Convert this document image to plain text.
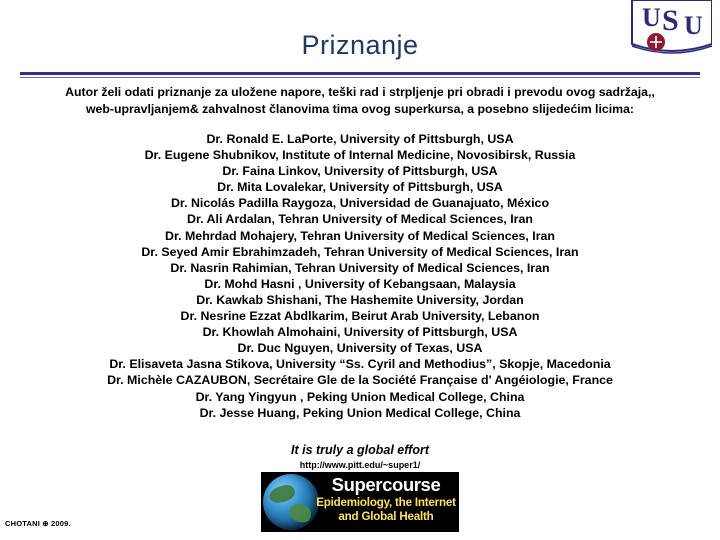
U S U
Priznanje
Autor želi odati priznanje za uložene napore, teški rad i strpljenje pri obradi i prevodu ovog sadržaja,,
web-upravljanjem& zahvalnost članovima tima ovog superkursa, a posebno slijedećim licima:
Dr. Ronald E. LaPorte, University of Pittsburgh, USA
Dr. Eugene Shubnikov, Institute of Internal Medicine, Novosibirsk, Russia
Dr. Faina Linkov, University of Pittsburgh, USA
Dr. Mita Lovalekar, University of Pittsburgh, USA
Dr. Nicolás Padilla Raygoza, Universidad de Guanajuato, México
Dr. Ali Ardalan, Tehran University of Medical Sciences, Iran
Dr. Mehrdad Mohajery, Tehran University of Medical Sciences, Iran
Dr. Seyed Amir Ebrahimzadeh, Tehran University of Medical Sciences, Iran
Dr. Nasrin Rahimian, Tehran University of Medical Sciences, Iran
Dr. Mohd Hasni , University of Kebangsaan, Malaysia
Dr. Kawkab Shishani, The Hashemite University, Jordan
Dr. Nesrine Ezzat Abdlkarim, Beirut Arab University, Lebanon
Dr. Khowlah Almohaini, University of Pittsburgh, USA
Dr. Duc Nguyen, University of Texas, USA
Dr. Elisaveta Jasna Stikova, University “Ss. Cyril and Methodius”, Skopje, Macedonia
Dr. Michèle CAZAUBON, Secrétaire Gle de la Société Française d' Angéiologie, France
Dr. Yang Yingyun , Peking Union Medical College, China
Dr. Jesse Huang, Peking Union Medical College, China
It is truly a global effort
http://www.pitt.edu/~super1/
Supercourse
Epidemiology, the Internet
and Global Health
CHOTANI ⊕ 2009.
